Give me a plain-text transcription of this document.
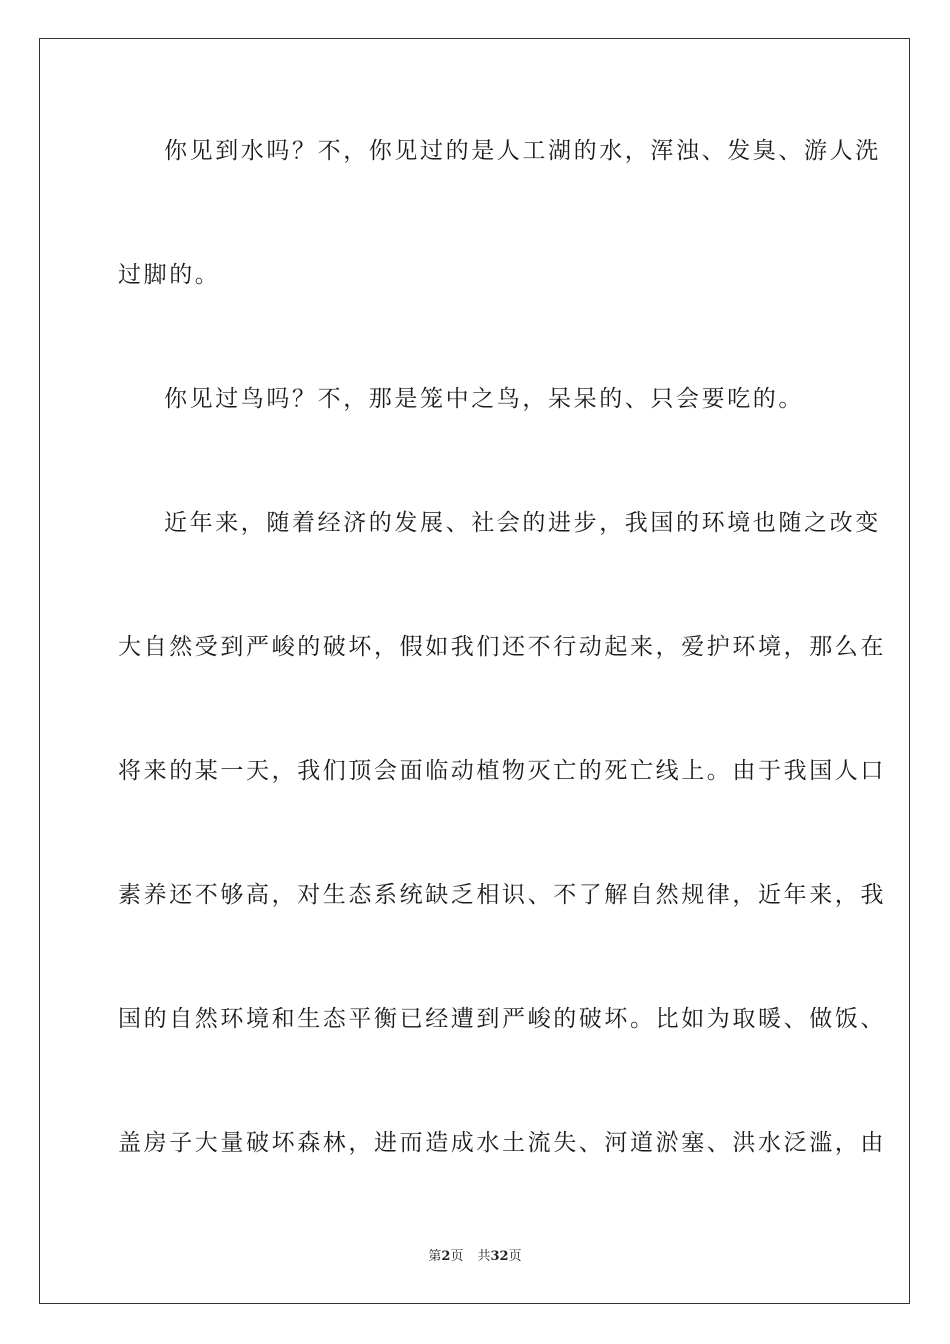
你见到水吗？不，你见过的是人工湖的水，浑浊、发臭、游人洗
过脚的。
你见过鸟吗？不，那是笼中之鸟，呆呆的、只会要吃的。
近年来，随着经济的发展、社会的进步，我国的环境也随之改变
大自然受到严峻的破坏，假如我们还不行动起来，爱护环境，那么在
将来的某一天，我们顶会面临动植物灭亡的死亡线上。由于我国人口
素养还不够高，对生态系统缺乏相识、不了解自然规律，近年来，我
国的自然环境和生态平衡已经遭到严峻的破坏。比如为取暖、做饭、
盖房子大量破坏森林，进而造成水土流失、河道淤塞、洪水泛滥，由
第2页 共32页
